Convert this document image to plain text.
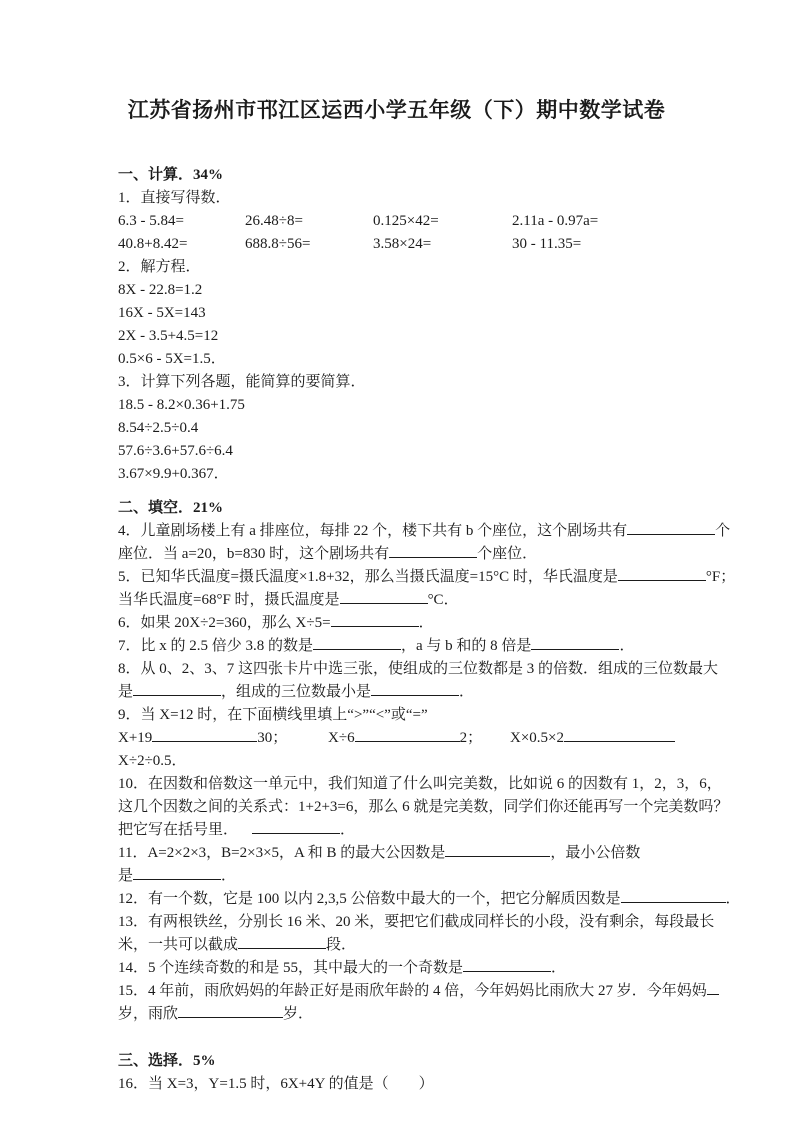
江苏省扬州市邗江区运西小学五年级（下）期中数学试卷

一、计算．34%

1．直接写得数．

6.3 - 5.84=	26.48÷8=	0.125×42=	2.11a - 0.97a=
40.8+8.42=	688.8÷56=	3.58×24=	30 - 11.35=

2．解方程．

8X - 22.8=1.2

16X - 5X=143

2X - 3.5+4.5=12

0.5×6 - 5X=1.5．

3．计算下列各题，能简算的要简算．

18.5 - 8.2×0.36+1.75

8.54÷2.5÷0.4

57.6÷3.6+57.6÷6.4

3.67×9.9+0.367．

二、填空．21%

4．儿童剧场楼上有 a 排座位，每排 22 个，楼下共有 b 个座位，这个剧场共有	个

座位．当 a=20，b=830 时，这个剧场共有	个座位．

5．已知华氏温度=摄氏温度×1.8+32，那么当摄氏温度=15°C 时，华氏温度是	°F；

当华氏温度=68°F 时，摄氏温度是	°C．

6．如果 20X÷2=360，那么 X÷5=	．

7．比 x 的 2.5 倍少 3.8 的数是	，a 与 b 和的 8 倍是	．

8．从 0、2、3、7 这四张卡片中选三张，使组成的三位数都是 3 的倍数．组成的三位数最大

是	，组成的三位数最小是	．

9．当 X=12 时，在下面横线里填上“>”“<”或“=”

X+19	30；	X÷6	2； X×0.5×2

X÷2÷0.5．

10．在因数和倍数这一单元中，我们知道了什么叫完美数，比如说 6 的因数有 1，2，3，6，

这几个因数之间的关系式：1+2+3=6，那么 6 就是完美数，同学们你还能再写一个完美数吗？

把它写在括号里．	．

11．A=2×2×3，B=2×3×5，A 和 B 的最大公因数是	，最小公倍数

是	．

12．有一个数，它是 100 以内 2,3,5 公倍数中最大的一个，把它分解质因数是	．

13．有两根铁丝，分别长 16 米、20 米，要把它们截成同样长的小段，没有剩余，每段最长

米，一共可以截成	段．

14．5 个连续奇数的和是 55，其中最大的一个奇数是	．

15．4 年前，雨欣妈妈的年龄正好是雨欣年龄的 4 倍，今年妈妈比雨欣大 27 岁．今年妈妈

岁，雨欣	岁．

三、选择．5%

16．当 X=3，Y=1.5 时，6X+4Y 的值是（　　）
